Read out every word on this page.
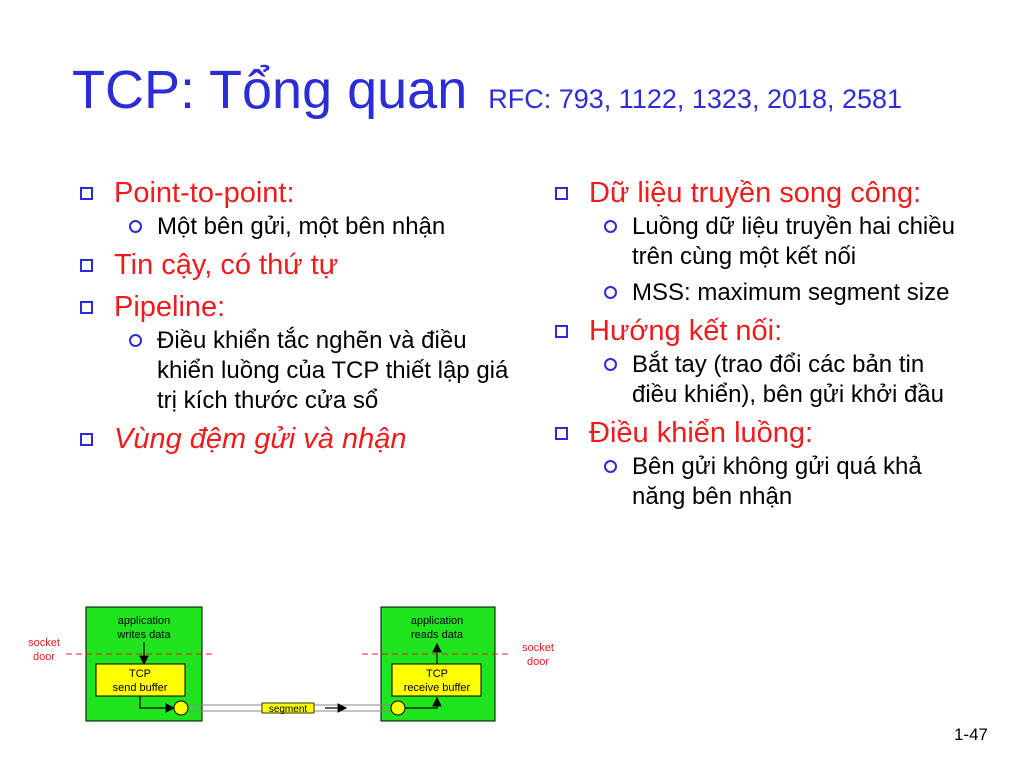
TCP: Tổng quan RFC: 793, 1122, 1323, 2018, 2581
Point-to-point:
Một bên gửi, một bên nhận
Tin cậy, có thứ tự
Pipeline:
Điều khiển tắc nghẽn và điều khiển luồng của TCP thiết lập giá trị kích thước cửa sổ
Vùng đệm gửi và nhận
Dữ liệu truyền song công:
Luồng dữ liệu truyền hai chiều trên cùng một kết nối
MSS: maximum segment size
Hướng kết nối:
Bắt tay (trao đổi các bản tin điều khiển), bên gửi khởi đầu
Điều khiển luồng:
Bên gửi không gửi quá khả năng bên nhận
application
writes data
TCP
send buffer
application
reads data
TCP
receive buffer
socket
door
socket
door
segment
1-47
